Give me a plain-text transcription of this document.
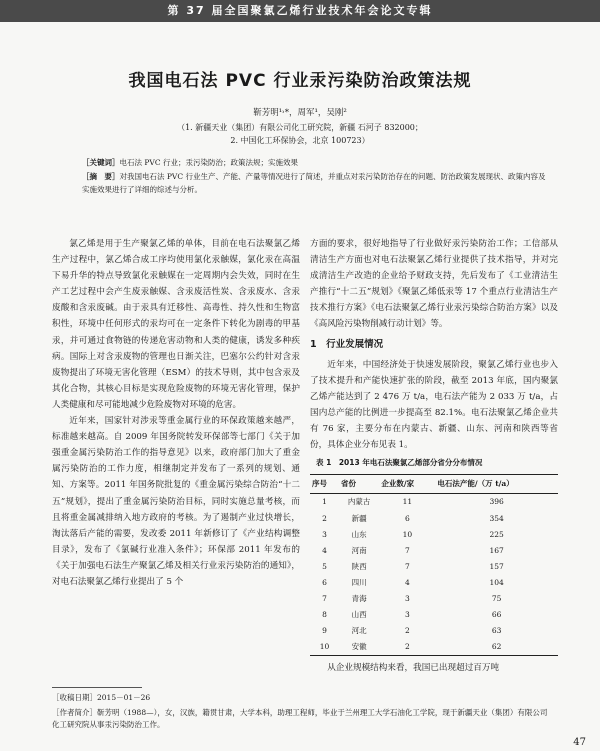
第 37 届全国聚氯乙烯行业技术年会论文专辑
我国电石法 PVC 行业汞污染防治政策法规
靳芳明¹˒*，周军¹，吴刚²
（1. 新疆天业（集团）有限公司化工研究院，新疆 石河子 832000；
2. 中国化工环保协会，北京 100723）
［关键词］电石法 PVC 行业；汞污染防治；政策法规；实施效果
［摘　要］对我国电石法 PVC 行业生产、产能、产量等情况进行了简述，并重点对汞污染防治存在的问题、防治政策发展现状、政策内容及实施效果进行了详细的综述与分析。

氯乙烯是用于生产聚氯乙烯的单体，目前在电石法聚氯乙烯生产过程中，氯乙烯合成工序均使用氯化汞触媒，氯化汞在高温下易升华的特点导致氯化汞触媒在一定周期内会失效，同时在生产工艺过程中会产生废汞触媒、含汞废活性炭、含汞废水、含汞废酸和含汞废碱。由于汞具有迁移性、高毒性、持久性和生物富积性，环境中任何形式的汞均可在一定条件下转化为剧毒的甲基汞，并可通过食物链的传递危害动物和人类的健康，诱发多种疾病。国际上对含汞废物的管理也日渐关注，巴塞尔公约针对含汞废物提出了环境无害化管理（ESM）的技术导则，其中包含汞及其化合物，其核心目标是实现危险废物的环境无害化管理，保护人类健康和尽可能地减少危险废物对环境的危害。

近年来，国家针对涉汞等重金属行业的环保政策越来越严，标准越来越高。自 2009 年国务院转发环保部等七部门《关于加强重金属污染防治工作的指导意见》以来，政府部门加大了重金属污染防治的工作力度，相继制定并发布了一系列的规划、通知、方案等。2011 年国务院批复的《重金属污染综合防治“十二五”规划》，提出了重金属污染防治目标，同时实施总量考核，而且将重金属减排纳入地方政府的考核。为了遏制产业过快增长，淘汰落后产能的需要，发改委 2011 年新修订了《产业结构调整目录》，发布了《氯碱行业准入条件》；环保部 2011 年发布的《关于加强电石法生产聚氯乙烯及相关行业汞污染防治的通知》，对电石法聚氯乙烯行业提出了 5 个

方面的要求，很好地指导了行业做好汞污染防治工作；工信部从清洁生产方面也对电石法聚氯乙烯行业提供了技术指导，并对完成清洁生产改造的企业给予财政支持，先后发布了《工业清洁生产推行“十二五”规划》《聚氯乙烯低汞等 17 个重点行业清洁生产技术推行方案》《电石法聚氯乙烯行业汞污染综合防治方案》以及《高风险污染物削减行动计划》等。

1　行业发展情况

近年来，中国经济处于快速发展阶段，聚氯乙烯行业也步入了技术提升和产能快速扩张的阶段，截至 2013 年底，国内聚氯乙烯产能达到了 2 476 万 t/a，电石法产能为 2 033 万 t/a，占国内总产能的比例进一步提高至 82.1%。电石法聚氯乙烯企业共有 76 家，主要分布在内蒙古、新疆、山东、河南和陕西等省份，具体企业分布见表 1。

表 1　2013 年电石法聚氯乙烯部分省分分布情况
序号	省份	企业数/家	电石法产能/（万 t/a）
1	内蒙古	11	396
2	新疆	6	354
3	山东	10	225
4	河南	7	167
5	陕西	7	157
6	四川	4	104
7	青海	3	75
8	山西	3	66
9	河北	2	63
10	安徽	2	62

从企业规模结构来看，我国已出现超过百万吨

［收稿日期］2015－01－26
［作者简介］靳芳明（1988—），女，汉族，籍贯甘肃，大学本科，助理工程师，毕业于兰州理工大学石油化工学院，现于新疆天业（集团）有限公司化工研究院从事汞污染防治工作。
47
